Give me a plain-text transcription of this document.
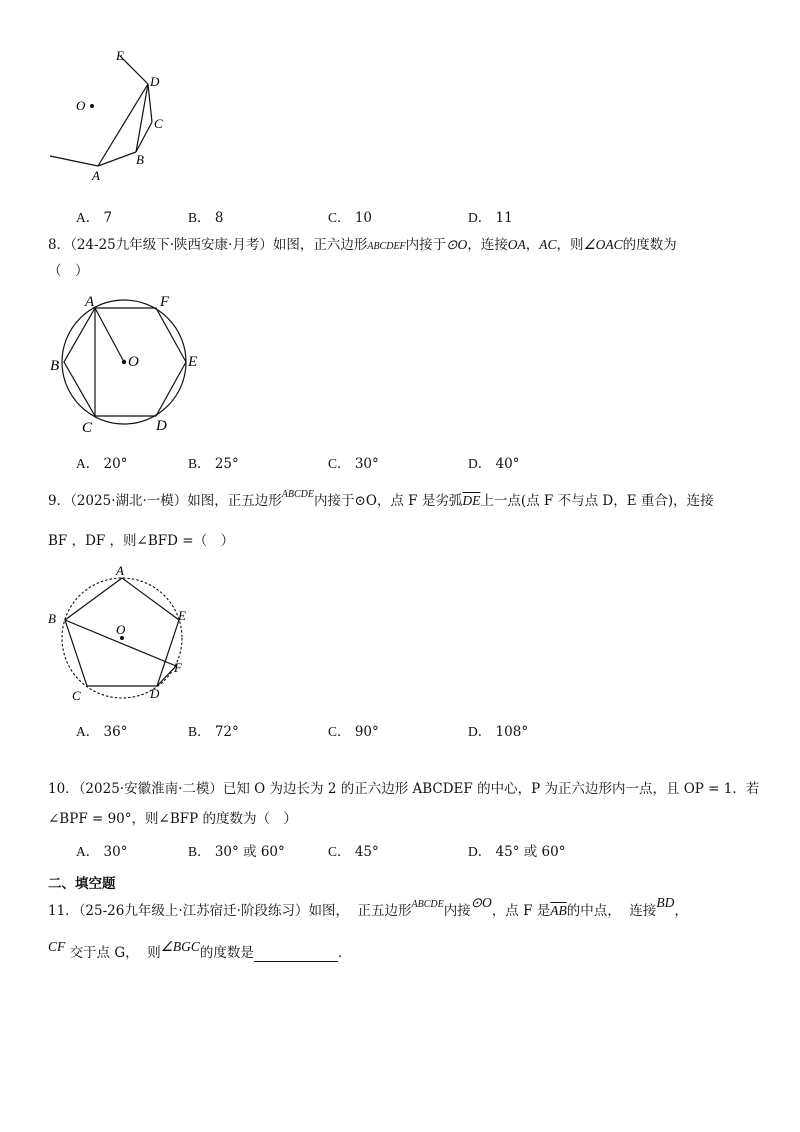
E
D
O
C
B
A
A． 7	B． 8	C． 10	D． 11
8．（24-25九年级下·陕西安康·月考）如图，正六边形ABCDEF内接于⊙O，连接OA，AC，则∠OAC的度数为
（　）
A	F
B	O	E
C	D
A． 20°	B． 25°	C． 30°	D． 40°
9．（2025·湖北·一模）如图，正五边形$^{ABCDE}$内接于⊙O，点 F 是劣弧$\overline{DE}$上一点(点 F 不与点 D，E 重合)，连接
BF ，DF ，则∠BFD =（　）
A
E
B
O
F
C	D
A． 36°	B． 72°	C． 90°	D． 108°
10．（2025·安徽淮南·二模）已知 O 为边长为 2 的正六边形 ABCDEF 的中心，P 为正六边形内一点，且 OP = 1．若
∠BPF = 90°，则∠BFP 的度数为（　）
A． 30°	B． 30° 或 60°	C． 45°	D． 45° 或 60°
二、填空题
11．（25-26九年级上·江苏宿迁·阶段练习）如图， 正五边形$^{ABCDE}$内接⊙O，点 F 是$\overline{AB}$的中点， 连接BD，
CF 交于点 G， 则∠BGC的度数是	．
